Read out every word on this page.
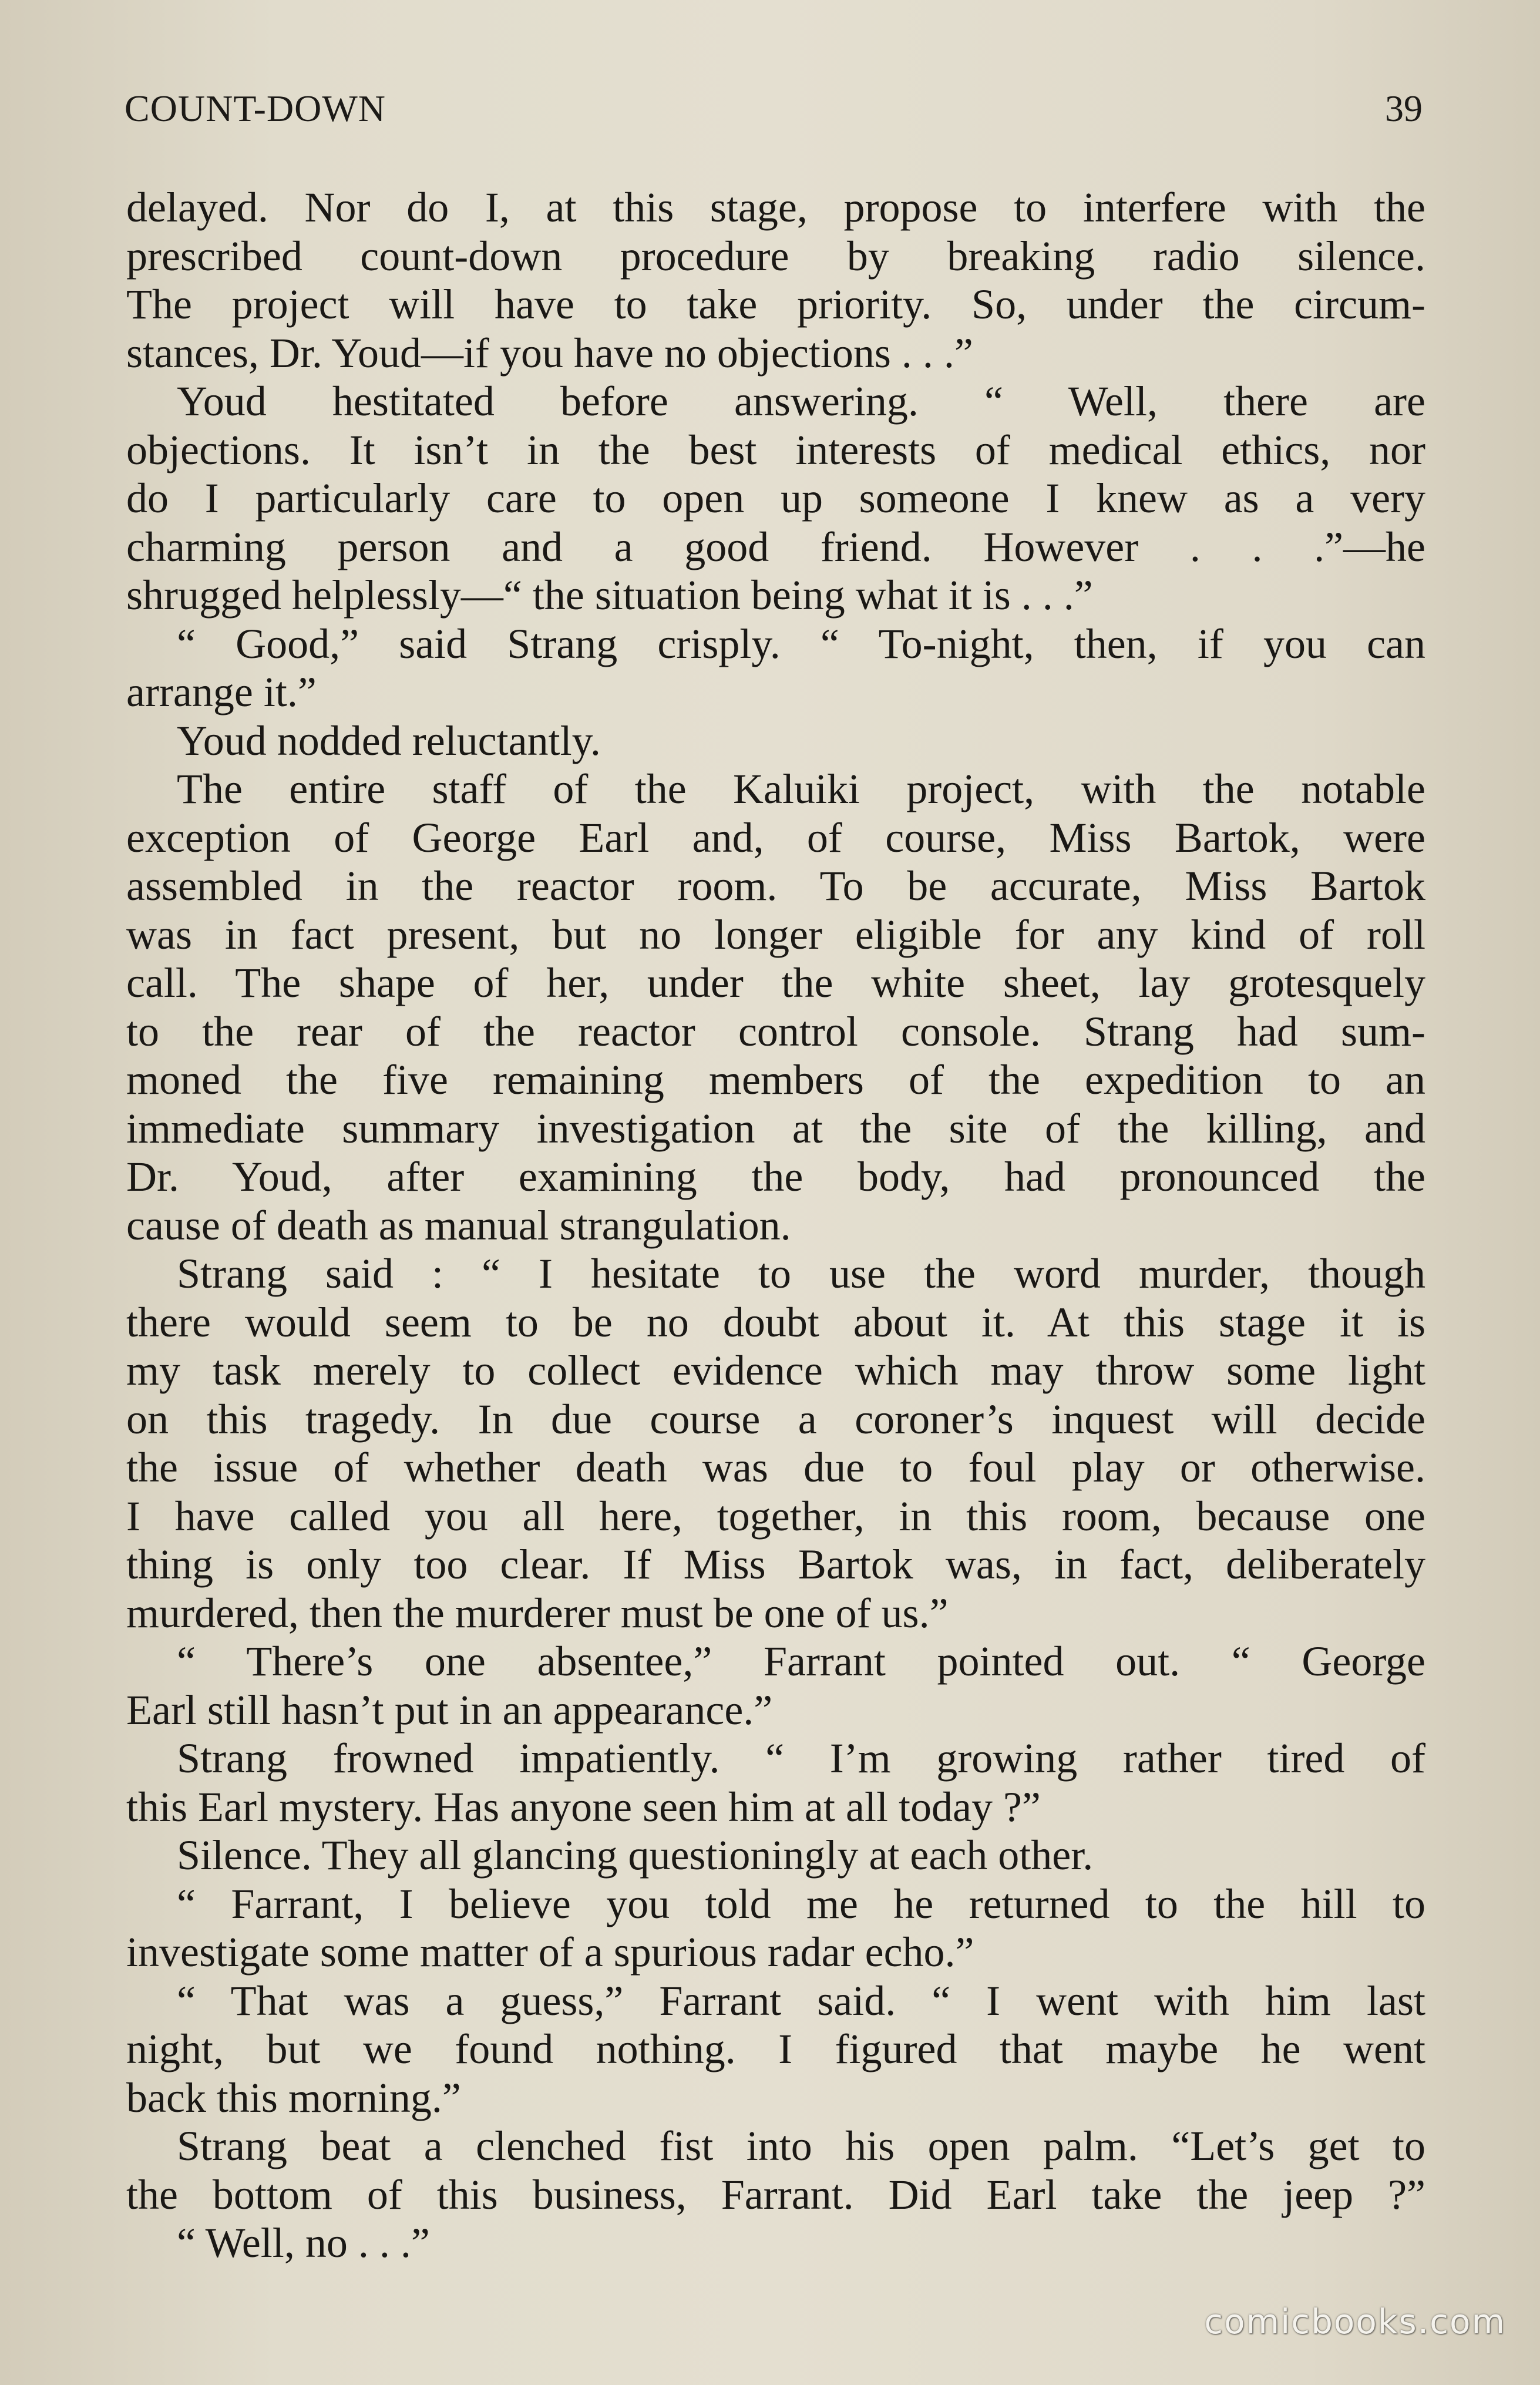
COUNT-DOWN	39
delayed. Nor do I, at this stage, propose to interfere with the
prescribed count-down procedure by breaking radio silence.
The project will have to take priority. So, under the circum-
stances, Dr. Youd—if you have no objections . . .”
Youd hestitated before answering. “ Well, there are
objections. It isn’t in the best interests of medical ethics, nor
do I particularly care to open up someone I knew as a very
charming person and a good friend. However . . .”—he
shrugged helplessly—“ the situation being what it is . . .”
“ Good,” said Strang crisply. “ To-night, then, if you can
arrange it.”
Youd nodded reluctantly.
The entire staff of the Kaluiki project, with the notable
exception of George Earl and, of course, Miss Bartok, were
assembled in the reactor room. To be accurate, Miss Bartok
was in fact present, but no longer eligible for any kind of roll
call. The shape of her, under the white sheet, lay grotesquely
to the rear of the reactor control console. Strang had sum-
moned the five remaining members of the expedition to an
immediate summary investigation at the site of the killing, and
Dr. Youd, after examining the body, had pronounced the
cause of death as manual strangulation.
Strang said : “ I hesitate to use the word murder, though
there would seem to be no doubt about it. At this stage it is
my task merely to collect evidence which may throw some light
on this tragedy. In due course a coroner’s inquest will decide
the issue of whether death was due to foul play or otherwise.
I have called you all here, together, in this room, because one
thing is only too clear. If Miss Bartok was, in fact, deliberately
murdered, then the murderer must be one of us.”
“ There’s one absentee,” Farrant pointed out. “ George
Earl still hasn’t put in an appearance.”
Strang frowned impatiently. “ I’m growing rather tired of
this Earl mystery. Has anyone seen him at all today ?”
Silence. They all glancing questioningly at each other.
“ Farrant, I believe you told me he returned to the hill to
investigate some matter of a spurious radar echo.”
“ That was a guess,” Farrant said. “ I went with him last
night, but we found nothing. I figured that maybe he went
back this morning.”
Strang beat a clenched fist into his open palm. “Let’s get to
the bottom of this business, Farrant. Did Earl take the jeep ?”
“ Well, no . . .”
comicbooks.com
